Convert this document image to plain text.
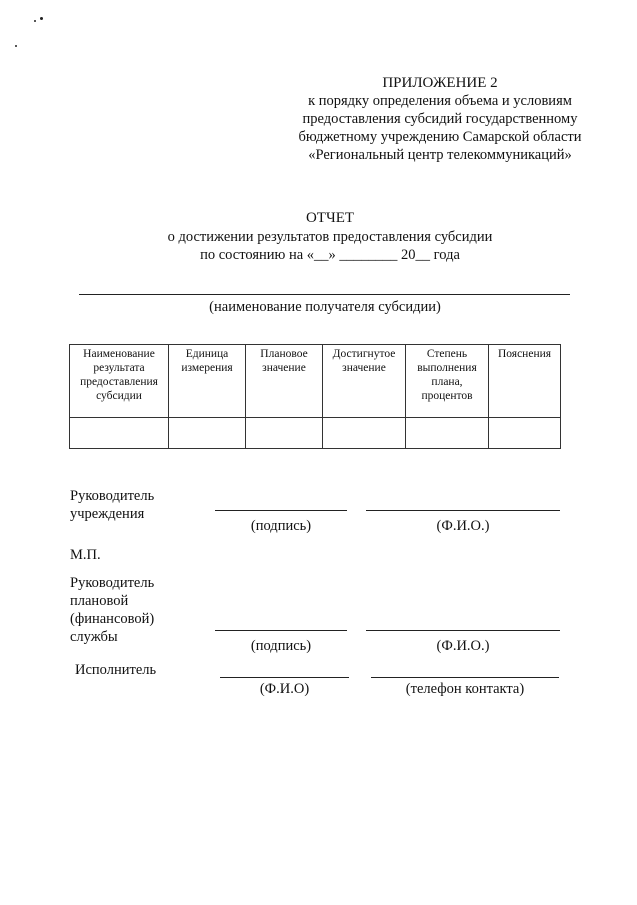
ПРИЛОЖЕНИЕ 2
к порядку определения объема и условиям
предоставления субсидий государственному
бюджетному учреждению Самарской области
«Региональный центр телекоммуникаций»
ОТЧЕТ
о достижении результатов предоставления субсидии
по состоянию на «__» ________ 20__ года
(наименование получателя субсидии)
Наименование результата предоставления субсидии	Единица измерения	Плановое значение	Достигнутое значение	Степень выполнения плана, процентов	Пояснения

Руководитель
учреждения
(подпись)	(Ф.И.О.)
М.П.
Руководитель
плановой
(финансовой)
службы
(подпись)	(Ф.И.О.)
Исполнитель
(Ф.И.О)	(телефон контакта)
